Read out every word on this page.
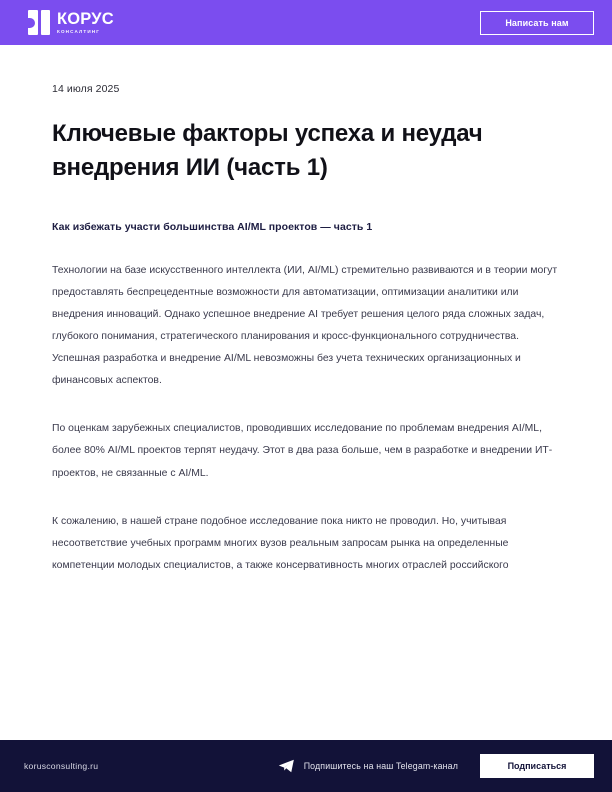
КОРУС
КОНСАЛТИНГ
Написать нам
14 июля 2025
Ключевые факторы успеха и неудач внедрения ИИ (часть 1)
Как избежать участи большинства AI/ML проектов — часть 1

Технологии на базе искусственного интеллекта (ИИ, AI/ML) стремительно развиваются и в теории могут предоставлять беспрецедентные возможности для автоматизации, оптимизации аналитики или внедрения инноваций. Однако успешное внедрение AI требует решения целого ряда сложных задач, глубокого понимания, стратегического планирования и кросс-функционального сотрудничества. Успешная разработка и внедрение AI/ML невозможны без учета технических организационных и финансовых аспектов.

По оценкам зарубежных специалистов, проводивших исследование по проблемам внедрения AI/ML, более 80% AI/ML проектов терпят неудачу. Этот в два раза больше, чем в разработке и внедрении ИТ-проектов, не связанные с AI/ML.

К сожалению, в нашей стране подобное исследование пока никто не проводил. Но, учитывая несоответствие учебных программ многих вузов реальным запросам рынка на определенные компетенции молодых специалистов, а также консервативность многих отраслей российского

korusconsulting.ru	Подпишитесь на наш Telegam-канал	Подписаться
